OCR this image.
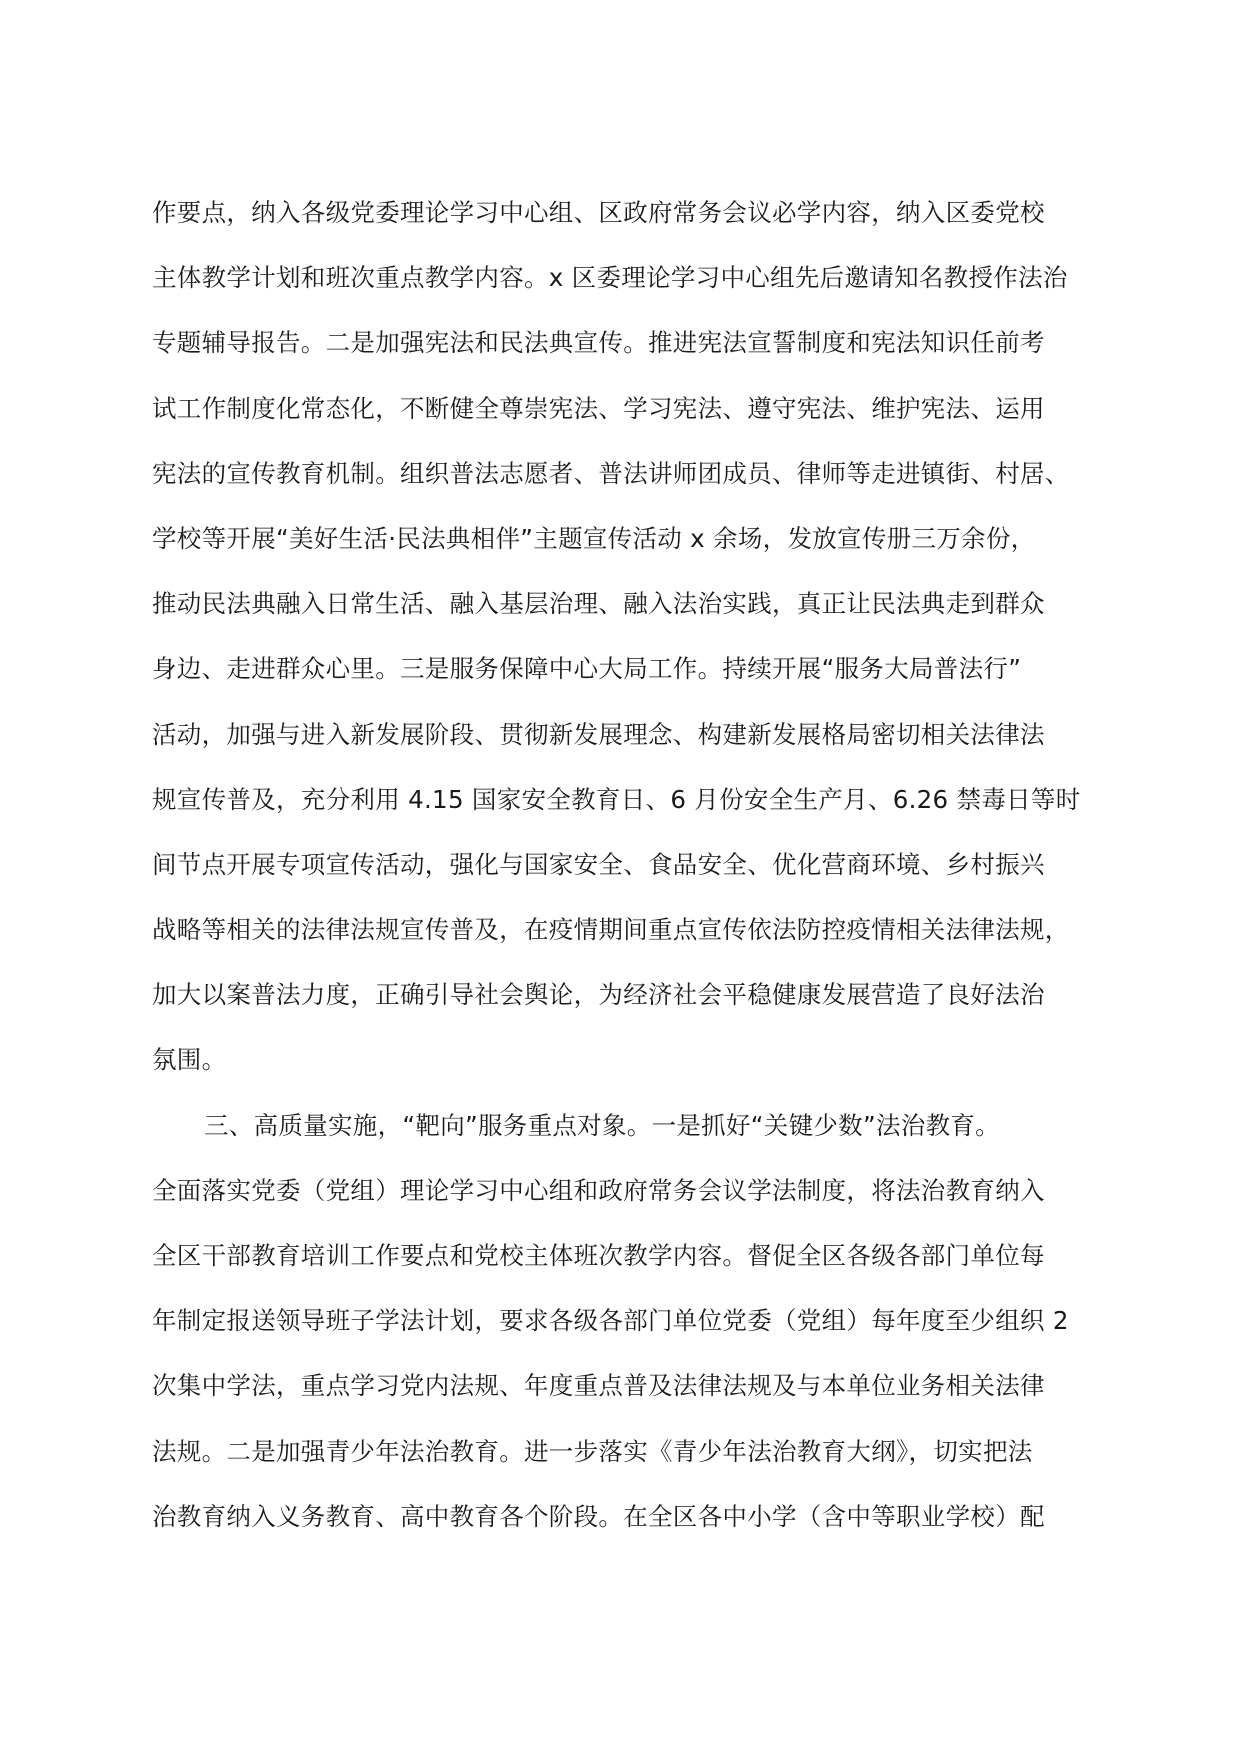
作要点，纳入各级党委理论学习中心组、区政府常务会议必学内容，纳入区委党校
主体教学计划和班次重点教学内容。x 区委理论学习中心组先后邀请知名教授作法治
专题辅导报告。二是加强宪法和民法典宣传。推进宪法宣誓制度和宪法知识任前考
试工作制度化常态化，不断健全尊崇宪法、学习宪法、遵守宪法、维护宪法、运用
宪法的宣传教育机制。组织普法志愿者、普法讲师团成员、律师等走进镇街、村居、
学校等开展“美好生活·民法典相伴”主题宣传活动 x 余场，发放宣传册三万余份，
推动民法典融入日常生活、融入基层治理、融入法治实践，真正让民法典走到群众
身边、走进群众心里。三是服务保障中心大局工作。持续开展“服务大局普法行”
活动，加强与进入新发展阶段、贯彻新发展理念、构建新发展格局密切相关法律法
规宣传普及，充分利用 4.15 国家安全教育日、6 月份安全生产月、6.26 禁毒日等时
间节点开展专项宣传活动，强化与国家安全、食品安全、优化营商环境、乡村振兴
战略等相关的法律法规宣传普及，在疫情期间重点宣传依法防控疫情相关法律法规，
加大以案普法力度，正确引导社会舆论，为经济社会平稳健康发展营造了良好法治
氛围。
三、高质量实施，“靶向”服务重点对象。一是抓好“关键少数”法治教育。
全面落实党委（党组）理论学习中心组和政府常务会议学法制度，将法治教育纳入
全区干部教育培训工作要点和党校主体班次教学内容。督促全区各级各部门单位每
年制定报送领导班子学法计划，要求各级各部门单位党委（党组）每年度至少组织 2
次集中学法，重点学习党内法规、年度重点普及法律法规及与本单位业务相关法律
法规。二是加强青少年法治教育。进一步落实《青少年法治教育大纲》，切实把法
治教育纳入义务教育、高中教育各个阶段。在全区各中小学（含中等职业学校）配
